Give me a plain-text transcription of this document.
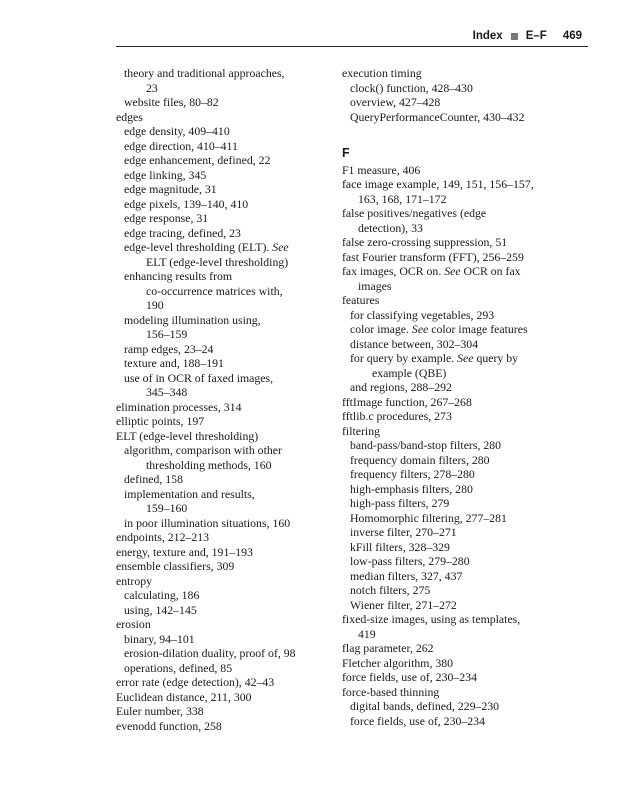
Index E–F 469
theory and traditional approaches,
23
website files, 80–82
edges
edge density, 409–410
edge direction, 410–411
edge enhancement, defined, 22
edge linking, 345
edge magnitude, 31
edge pixels, 139–140, 410
edge response, 31
edge tracing, defined, 23
edge-level thresholding (ELT). See
ELT (edge-level thresholding)
enhancing results from
co-occurrence matrices with,
190
modeling illumination using,
156–159
ramp edges, 23–24
texture and, 188–191
use of in OCR of faxed images,
345–348
elimination processes, 314
elliptic points, 197
ELT (edge-level thresholding)
algorithm, comparison with other
thresholding methods, 160
defined, 158
implementation and results,
159–160
in poor illumination situations, 160
endpoints, 212–213
energy, texture and, 191–193
ensemble classifiers, 309
entropy
calculating, 186
using, 142–145
erosion
binary, 94–101
erosion-dilation duality, proof of, 98
operations, defined, 85
error rate (edge detection), 42–43
Euclidean distance, 211, 300
Euler number, 338
evenodd function, 258
execution timing
clock() function, 428–430
overview, 427–428
QueryPerformanceCounter, 430–432
F
F1 measure, 406
face image example, 149, 151, 156–157,
163, 168, 171–172
false positives/negatives (edge
detection), 33
false zero-crossing suppression, 51
fast Fourier transform (FFT), 256–259
fax images, OCR on. See OCR on fax
images
features
for classifying vegetables, 293
color image. See color image features
distance between, 302–304
for query by example. See query by
example (QBE)
and regions, 288–292
fftImage function, 267–268
fftlib.c procedures, 273
filtering
band-pass/band-stop filters, 280
frequency domain filters, 280
frequency filters, 278–280
high-emphasis filters, 280
high-pass filters, 279
Homomorphic filtering, 277–281
inverse filter, 270–271
kFill filters, 328–329
low-pass filters, 279–280
median filters, 327, 437
notch filters, 275
Wiener filter, 271–272
fixed-size images, using as templates,
419
flag parameter, 262
Fletcher algorithm, 380
force fields, use of, 230–234
force-based thinning
digital bands, defined, 229–230
force fields, use of, 230–234
